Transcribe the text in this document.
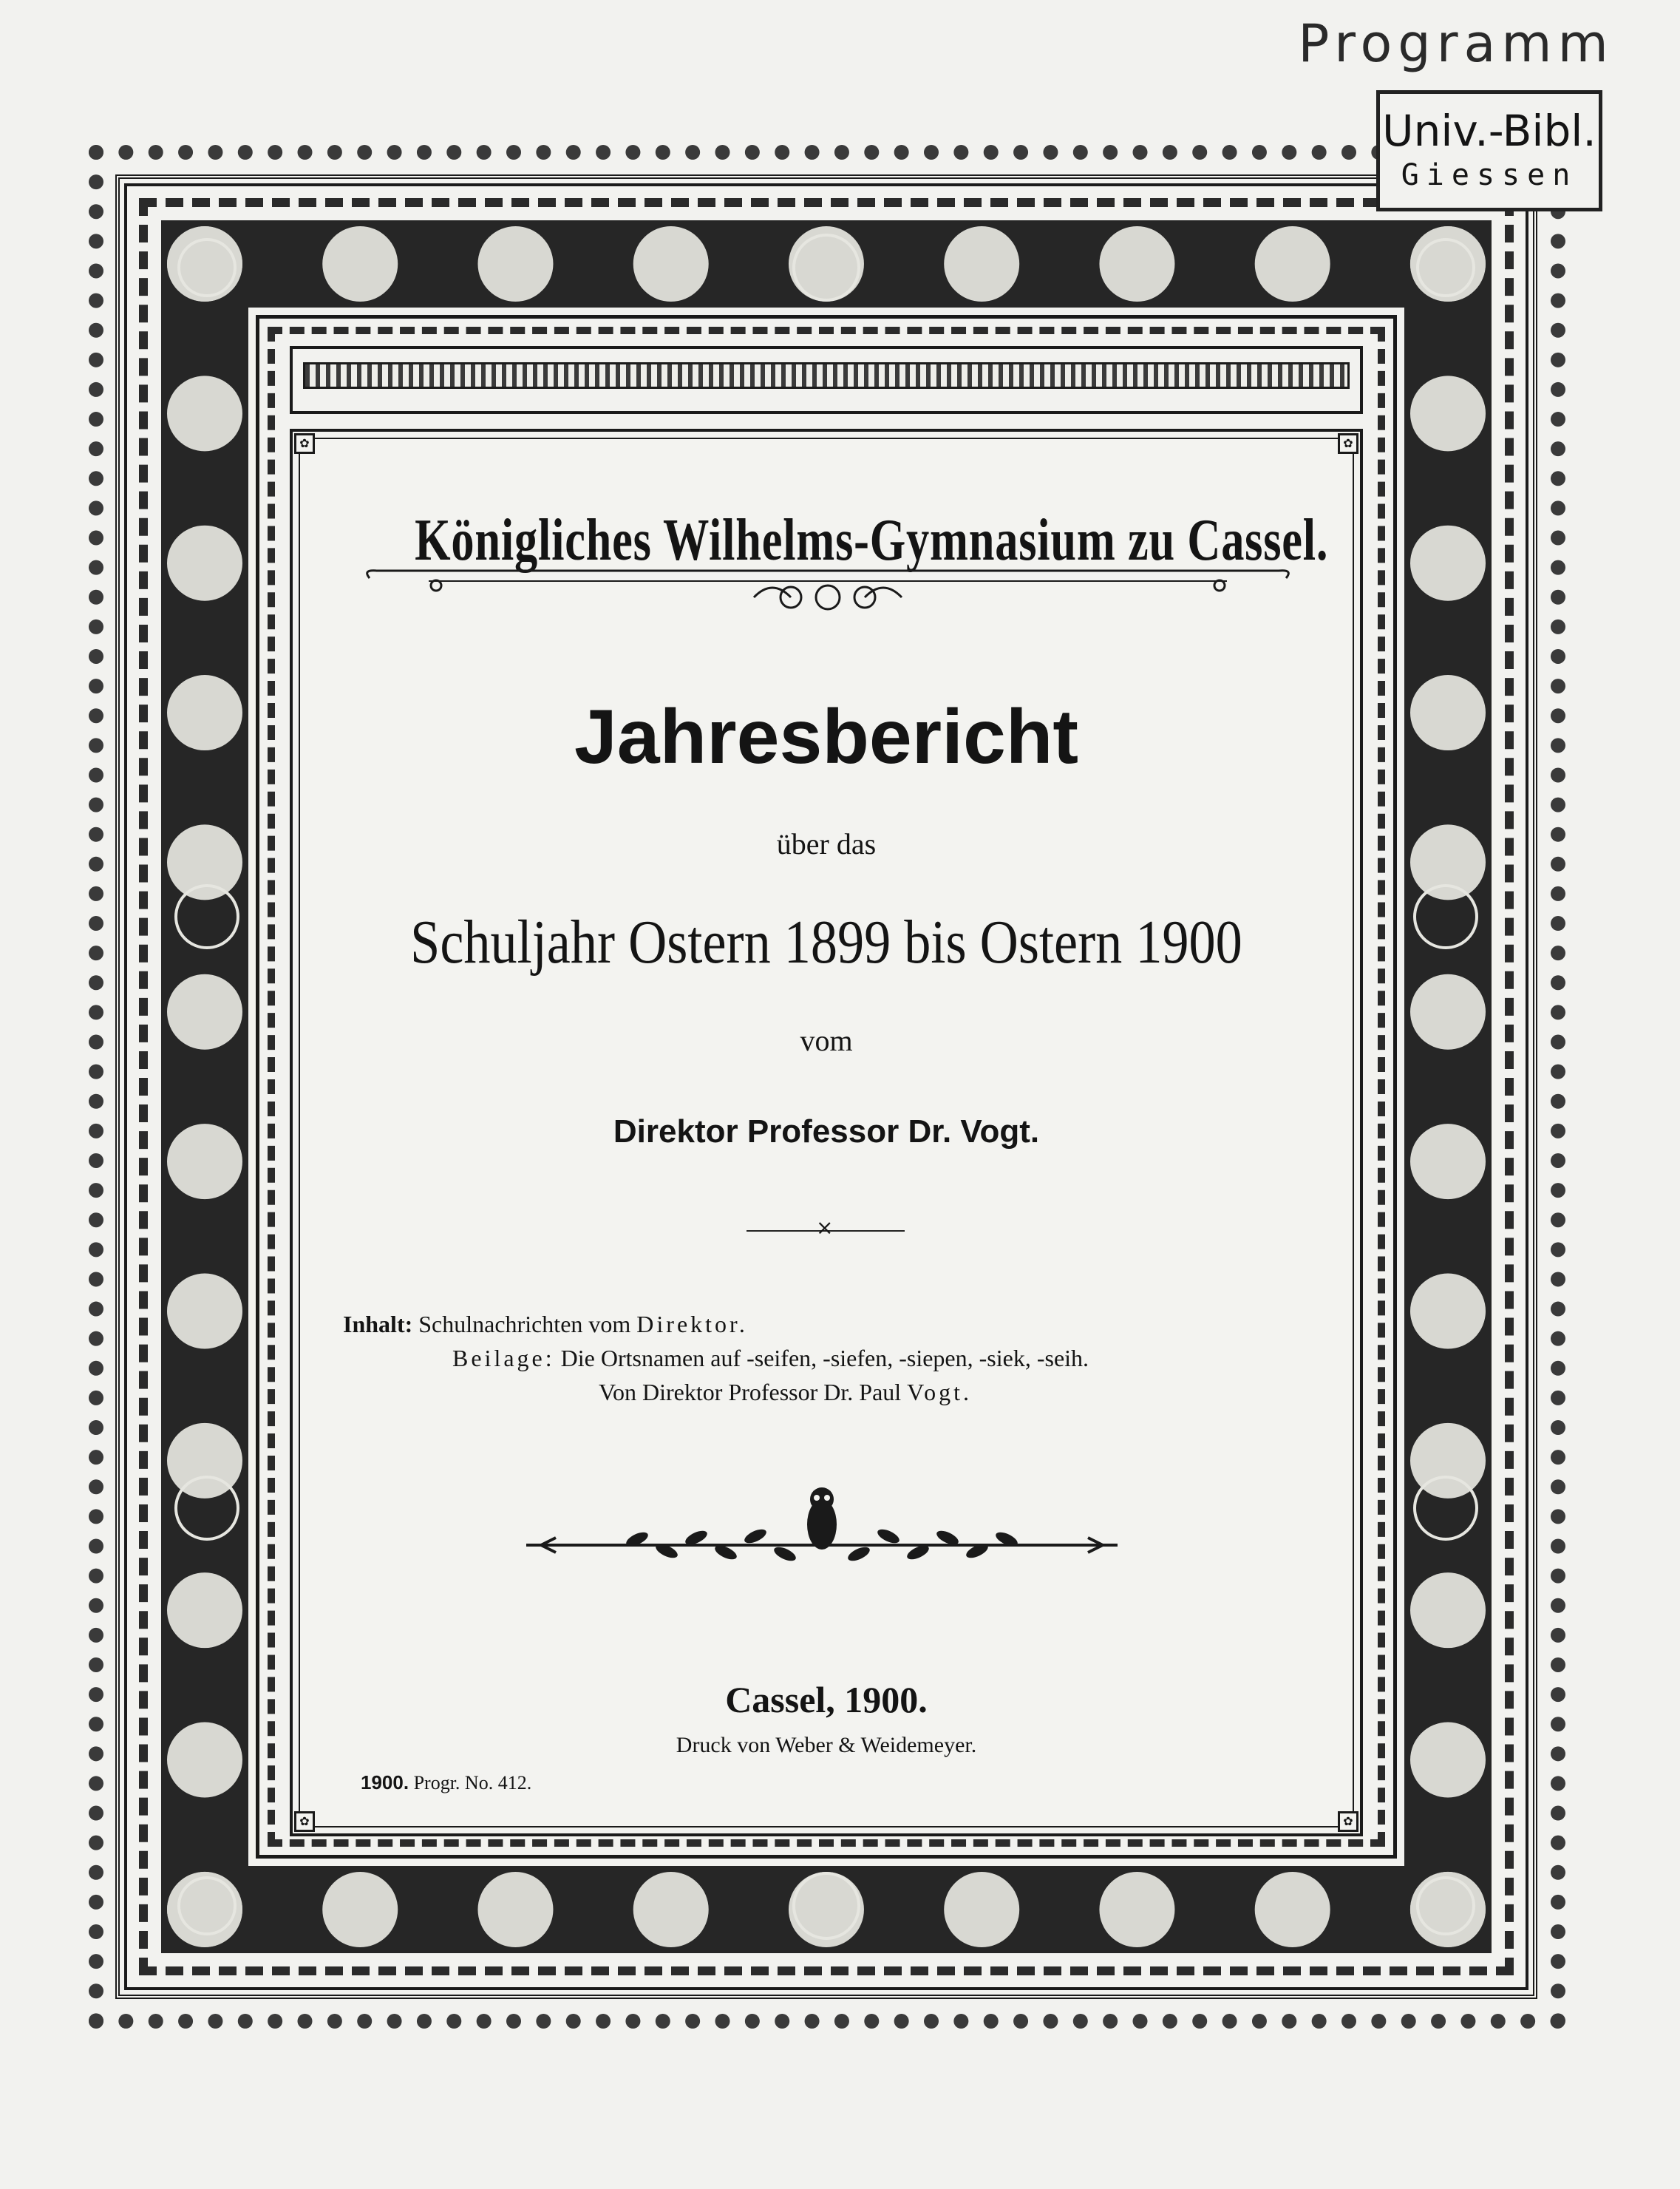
Programm
Univ.-Bibl.
Giessen
✿	✿
✿	✿
Königliches Wilhelms-Gymnasium zu Cassel.
Jahresbericht
über das
Schuljahr Ostern 1899 bis Ostern 1900
vom
Direktor Professor Dr. Vogt.
×
Inhalt: Schulnachrichten vom Direktor.
Beilage: Die Ortsnamen auf -seifen, -siefen, -siepen, -siek, -seih.
Von Direktor Professor Dr. Paul Vogt.
Cassel, 1900.
Druck von Weber & Weidemeyer.
1900. Progr. No. 412.
